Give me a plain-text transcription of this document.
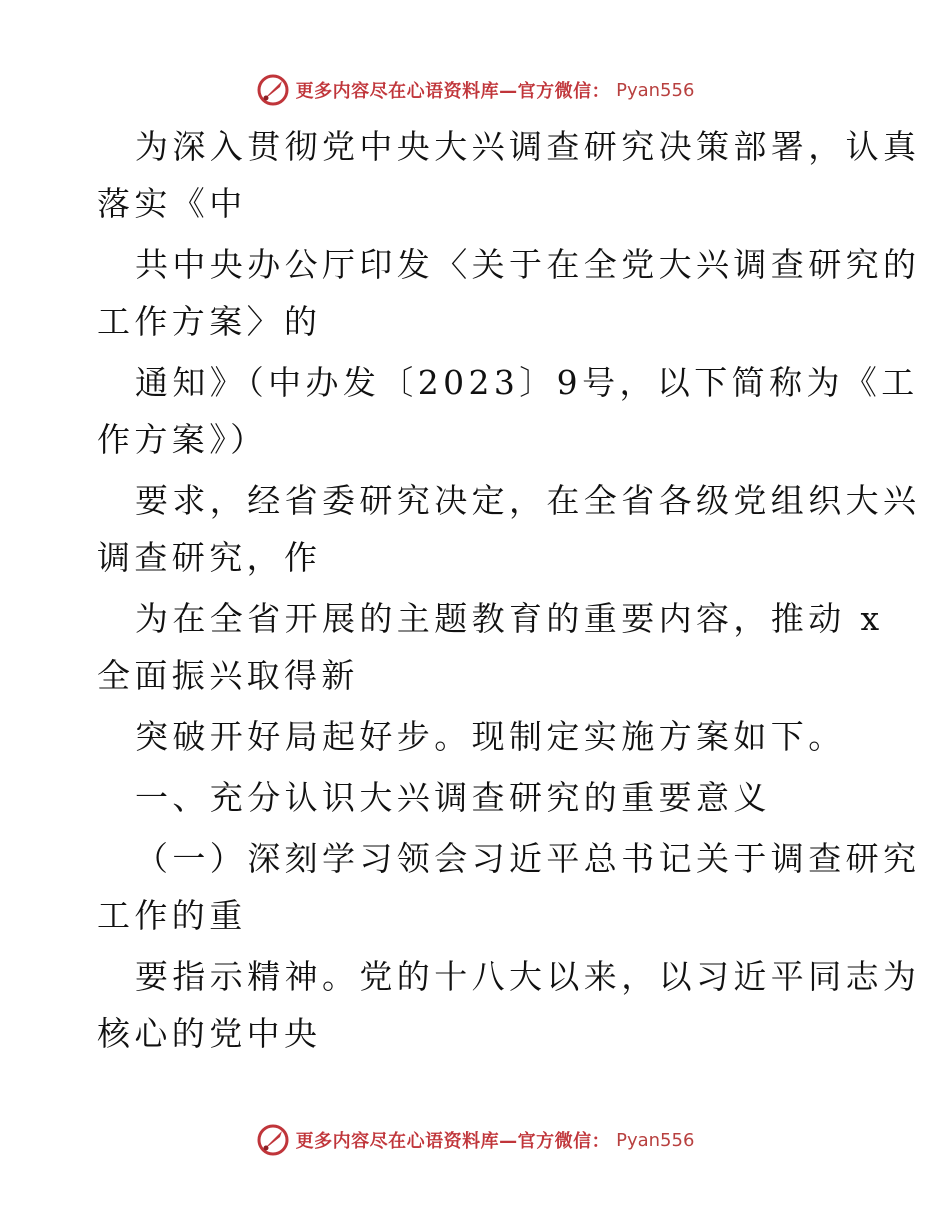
更多内容尽在心语资料库—官方微信： Pyan556
为深入贯彻党中央大兴调查研究决策部署，认真
落实《中
共中央办公厅印发〈关于在全党大兴调查研究的
工作方案〉的
通知》（中办发〔2023〕9号，以下简称为《工
作方案》）
要求，经省委研究决定，在全省各级党组织大兴
调查研究，作
为在全省开展的主题教育的重要内容，推动 x
全面振兴取得新
突破开好局起好步。现制定实施方案如下。
一、充分认识大兴调查研究的重要意义
（一）深刻学习领会习近平总书记关于调查研究
工作的重
要指示精神。党的十八大以来，以习近平同志为
核心的党中央
更多内容尽在心语资料库—官方微信： Pyan556
